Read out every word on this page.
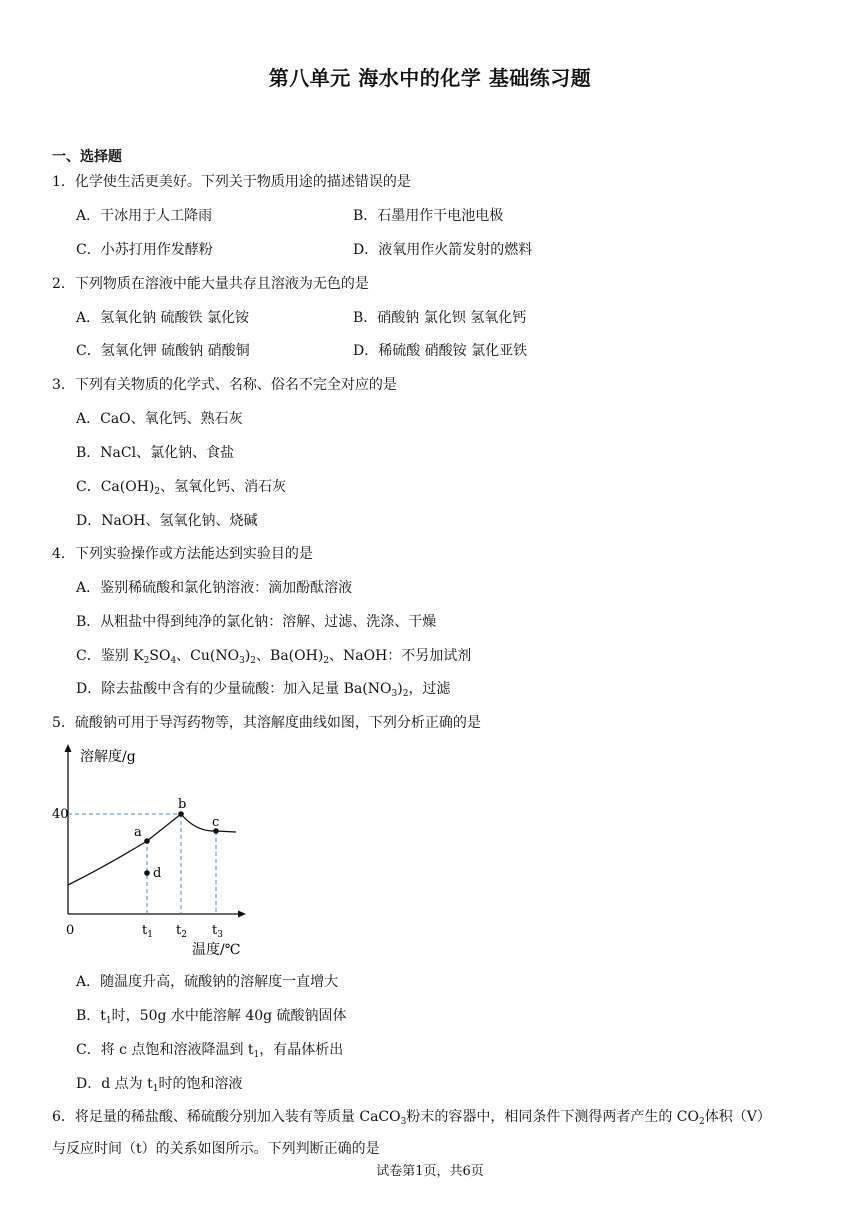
第八单元 海水中的化学 基础练习题
一、选择题
1．化学使生活更美好。下列关于物质用途的描述错误的是
A．干冰用于人工降雨	B．石墨用作干电池电极
C．小苏打用作发酵粉	D．液氧用作火箭发射的燃料
2．下列物质在溶液中能大量共存且溶液为无色的是
A．氢氧化钠 硫酸铁 氯化铵	B．硝酸钠 氯化钡 氢氧化钙
C．氢氧化钾 硫酸钠 硝酸铜	D．稀硫酸 硝酸铵 氯化亚铁
3．下列有关物质的化学式、名称、俗名不完全对应的是
A．CaO、氧化钙、熟石灰
B．NaCl、氯化钠、食盐
C．$Ca(OH)_2$、氢氧化钙、消石灰
D．NaOH、氢氧化钠、烧碱
4．下列实验操作或方法能达到实验目的是
A．鉴别稀硫酸和氯化钠溶液：滴加酚酞溶液
B．从粗盐中得到纯净的氯化钠：溶解、过滤、洗涤、干燥
C．鉴别 $K_2SO_4$、$Cu(NO_3)_2$、$Ba(OH)_2$、NaOH：不另加试剂
D．除去盐酸中含有的少量硫酸：加入足量 $Ba(NO_3)_2$，过滤
5．硫酸钠可用于导泻药物等，其溶解度曲线如图，下列分析正确的是
溶解度/g
40
a
b
c
d
0	$t_1$ $t_2$ $t_3$
温度/℃
A．随温度升高，硫酸钠的溶解度一直增大
B．$t_1$时，50g 水中能溶解 40g 硫酸钠固体
C．将 c 点饱和溶液降温到 $t_1$，有晶体析出
D．d 点为 $t_1$时的饱和溶液
6．将足量的稀盐酸、稀硫酸分别加入装有等质量 CaCO$_3$粉末的容器中，相同条件下测得两者产生的 $CO_2$体积（V）
与反应时间（t）的关系如图所示。下列判断正确的是
试卷第1页，共6页
